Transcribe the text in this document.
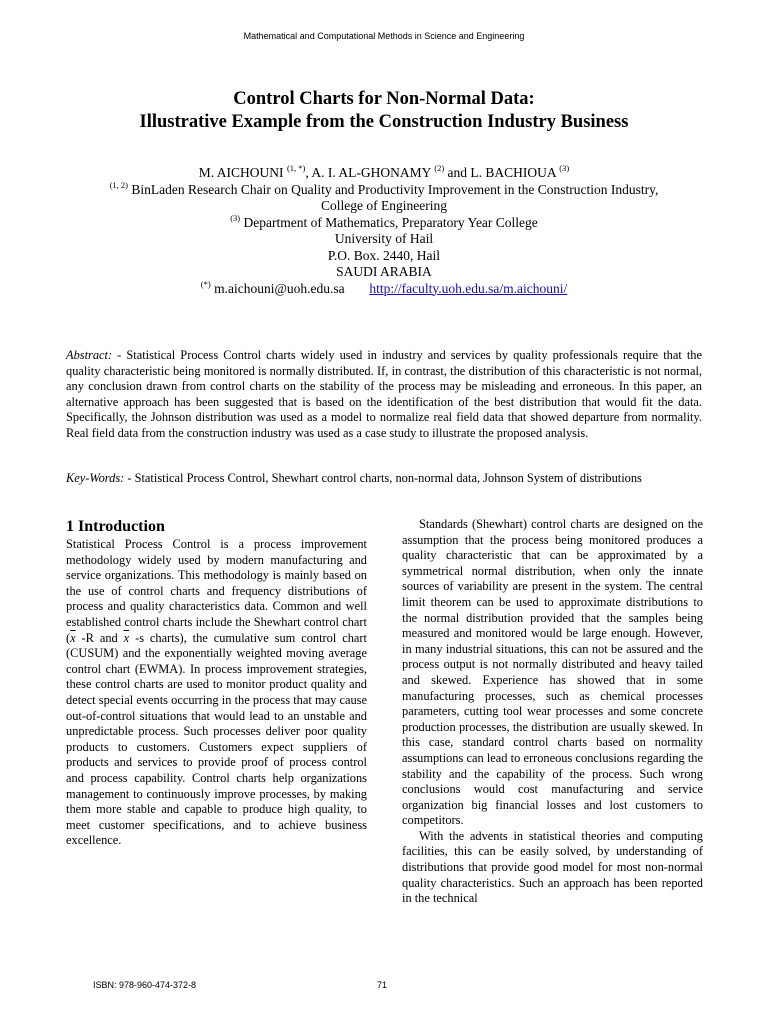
Mathematical and Computational Methods in Science and Engineering
Control Charts for Non-Normal Data:
Illustrative Example from the Construction Industry Business
M. AICHOUNI $^{(1, *)}$, A. I. AL-GHONAMY $^{(2)}$ and L. BACHIOUA $^{(3)}$
$^{(1, 2)}$ BinLaden Research Chair on Quality and Productivity Improvement in the Construction Industry,
College of Engineering
$^{(3)}$ Department of Mathematics, Preparatory Year College
University of Hail
P.O. Box. 2440, Hail
SAUDI ARABIA
(*) m.aichouni@uoh.edu.sa http://faculty.uoh.edu.sa/m.aichouni/
Abstract: - Statistical Process Control charts widely used in industry and services by quality professionals require that the quality characteristic being monitored is normally distributed. If, in contrast, the distribution of this characteristic is not normal, any conclusion drawn from control charts on the stability of the process may be misleading and erroneous. In this paper, an alternative approach has been suggested that is based on the identification of the best distribution that would fit the data. Specifically, the Johnson distribution was used as a model to normalize real field data that showed departure from normality. Real field data from the construction industry was used as a case study to illustrate the proposed analysis.
Key-Words: - Statistical Process Control, Shewhart control charts, non-normal data, Johnson System of distributions
1 Introduction

Statistical Process Control is a process improvement methodology widely used by modern manufacturing and service organizations. This methodology is mainly based on the use of control charts and frequency distributions of process and quality characteristics data. Common and well established control charts include the Shewhart control chart ($\overline{x}$ -R and $\overline{x}$ -s charts), the cumulative sum control chart (CUSUM) and the exponentially weighted moving average control chart (EWMA). In process improvement strategies, these control charts are used to monitor product quality and detect special events occurring in the process that may cause out-of-control situations that would lead to an unstable and unpredictable process. Such processes deliver poor quality products to customers. Customers expect suppliers of products and services to provide proof of process control and process capability. Control charts help organizations management to continuously improve processes, by making them more stable and capable to produce high quality, to meet customer specifications, and to achieve business excellence.

Standards (Shewhart) control charts are designed on the assumption that the process being monitored produces a quality characteristic that can be approximated by a symmetrical normal distribution, when only the innate sources of variability are present in the system. The central limit theorem can be used to approximate distributions to the normal distribution provided that the samples being measured and monitored would be large enough. However, in many industrial situations, this can not be assured and the process output is not normally distributed and heavy tailed and skewed. Experience has showed that in some manufacturing processes, such as chemical processes parameters, cutting tool wear processes and some concrete production processes, the distribution are usually skewed. In this case, standard control charts based on normality assumptions can lead to erroneous conclusions regarding the stability and the capability of the process. Such wrong conclusions would cost manufacturing and service organization big financial losses and lost customers to competitors.

With the advents in statistical theories and computing facilities, this can be easily solved, by understanding of distributions that provide good model for most non-normal quality characteristics. Such an approach has been reported in the technical

ISBN: 978-960-474-372-8	71
